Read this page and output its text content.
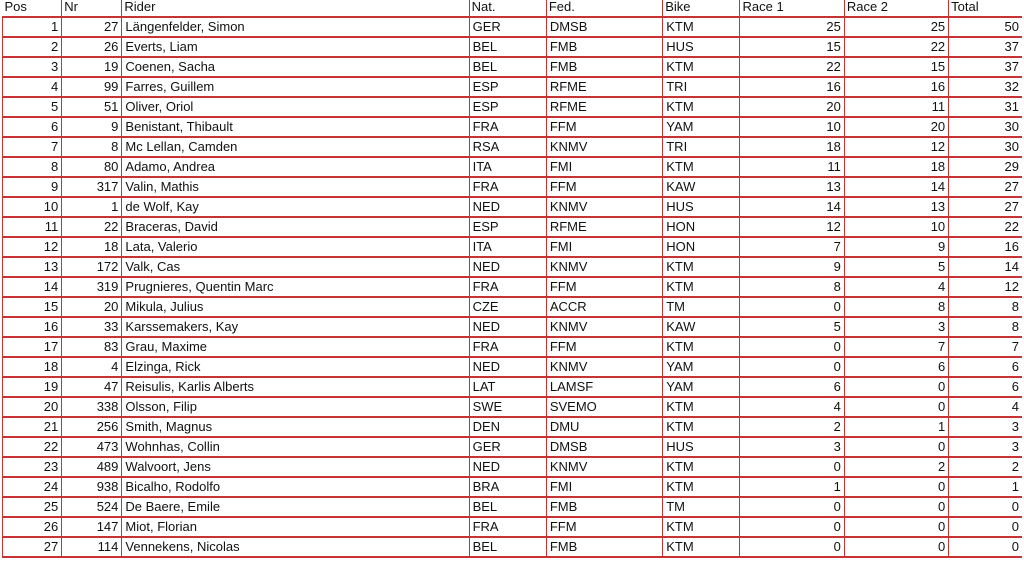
Pos	Nr	Rider	Nat.	Fed.	Bike	Race 1	Race 2	Total
1	27	Längenfelder, Simon	GER	DMSB	KTM	25	25	50
2	26	Everts, Liam	BEL	FMB	HUS	15	22	37
3	19	Coenen, Sacha	BEL	FMB	KTM	22	15	37
4	99	Farres, Guillem	ESP	RFME	TRI	16	16	32
5	51	Oliver, Oriol	ESP	RFME	KTM	20	11	31
6	9	Benistant, Thibault	FRA	FFM	YAM	10	20	30
7	8	Mc Lellan, Camden	RSA	KNMV	TRI	18	12	30
8	80	Adamo, Andrea	ITA	FMI	KTM	11	18	29
9	317	Valin, Mathis	FRA	FFM	KAW	13	14	27
10	1	de Wolf, Kay	NED	KNMV	HUS	14	13	27
11	22	Braceras, David	ESP	RFME	HON	12	10	22
12	18	Lata, Valerio	ITA	FMI	HON	7	9	16
13	172	Valk, Cas	NED	KNMV	KTM	9	5	14
14	319	Prugnieres, Quentin Marc	FRA	FFM	KTM	8	4	12
15	20	Mikula, Julius	CZE	ACCR	TM	0	8	8
16	33	Karssemakers, Kay	NED	KNMV	KAW	5	3	8
17	83	Grau, Maxime	FRA	FFM	KTM	0	7	7
18	4	Elzinga, Rick	NED	KNMV	YAM	0	6	6
19	47	Reisulis, Karlis Alberts	LAT	LAMSF	YAM	6	0	6
20	338	Olsson, Filip	SWE	SVEMO	KTM	4	0	4
21	256	Smith, Magnus	DEN	DMU	KTM	2	1	3
22	473	Wohnhas, Collin	GER	DMSB	HUS	3	0	3
23	489	Walvoort, Jens	NED	KNMV	KTM	0	2	2
24	938	Bicalho, Rodolfo	BRA	FMI	KTM	1	0	1
25	524	De Baere, Emile	BEL	FMB	TM	0	0	0
26	147	Miot, Florian	FRA	FFM	KTM	0	0	0
27	114	Vennekens, Nicolas	BEL	FMB	KTM	0	0	0
